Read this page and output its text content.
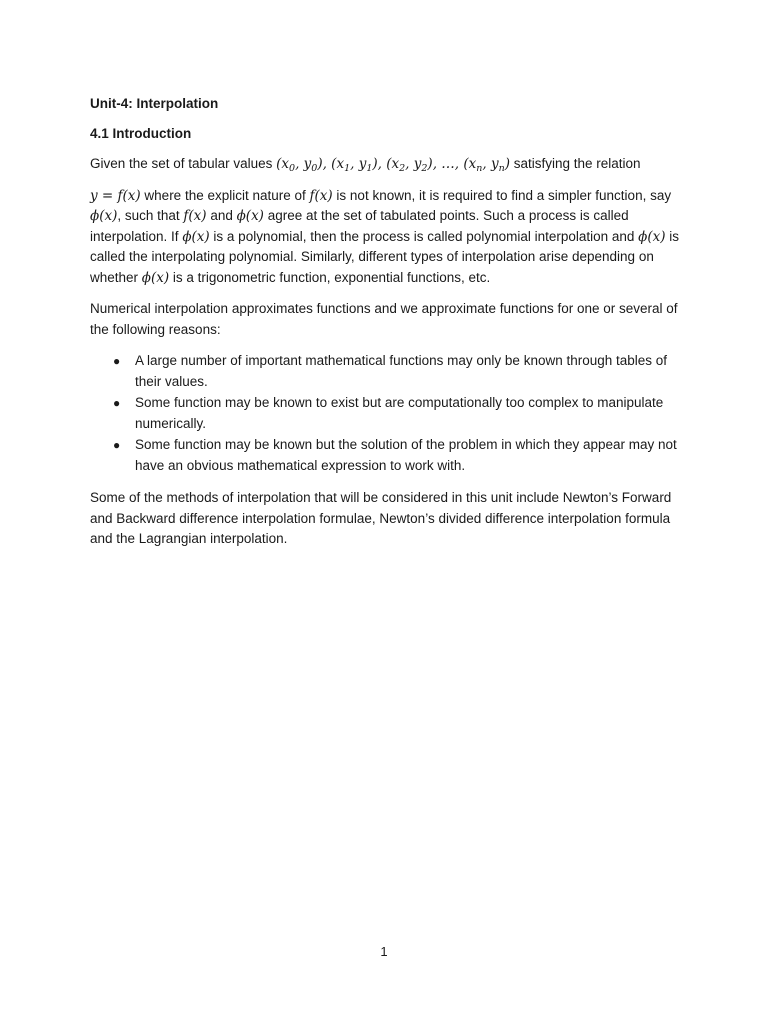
Unit-4: Interpolation

4.1 Introduction

Given the set of tabular values ($x_0$, $y_0$), ($x_1$, $y_1$), ($x_2$, $y_2$), …, ($x_n$, $y_n$) satisfying the relation

y = f(x) where the explicit nature of f(x) is not known, it is required to find a simpler function, say ϕ(x), such that f(x) and ϕ(x) agree at the set of tabulated points. Such a process is called interpolation. If ϕ(x) is a polynomial, then the process is called polynomial interpolation and ϕ(x) is called the interpolating polynomial. Similarly, different types of interpolation arise depending on whether ϕ(x) is a trigonometric function, exponential functions, etc.

Numerical interpolation approximates functions and we approximate functions for one or several of the following reasons:

● A large number of important mathematical functions may only be known through tables of their values.
● Some function may be known to exist but are computationally too complex to manipulate numerically.
● Some function may be known but the solution of the problem in which they appear may not have an obvious mathematical expression to work with.

Some of the methods of interpolation that will be considered in this unit include Newton’s Forward and Backward difference interpolation formulae, Newton’s divided difference interpolation formula and the Lagrangian interpolation.

1
